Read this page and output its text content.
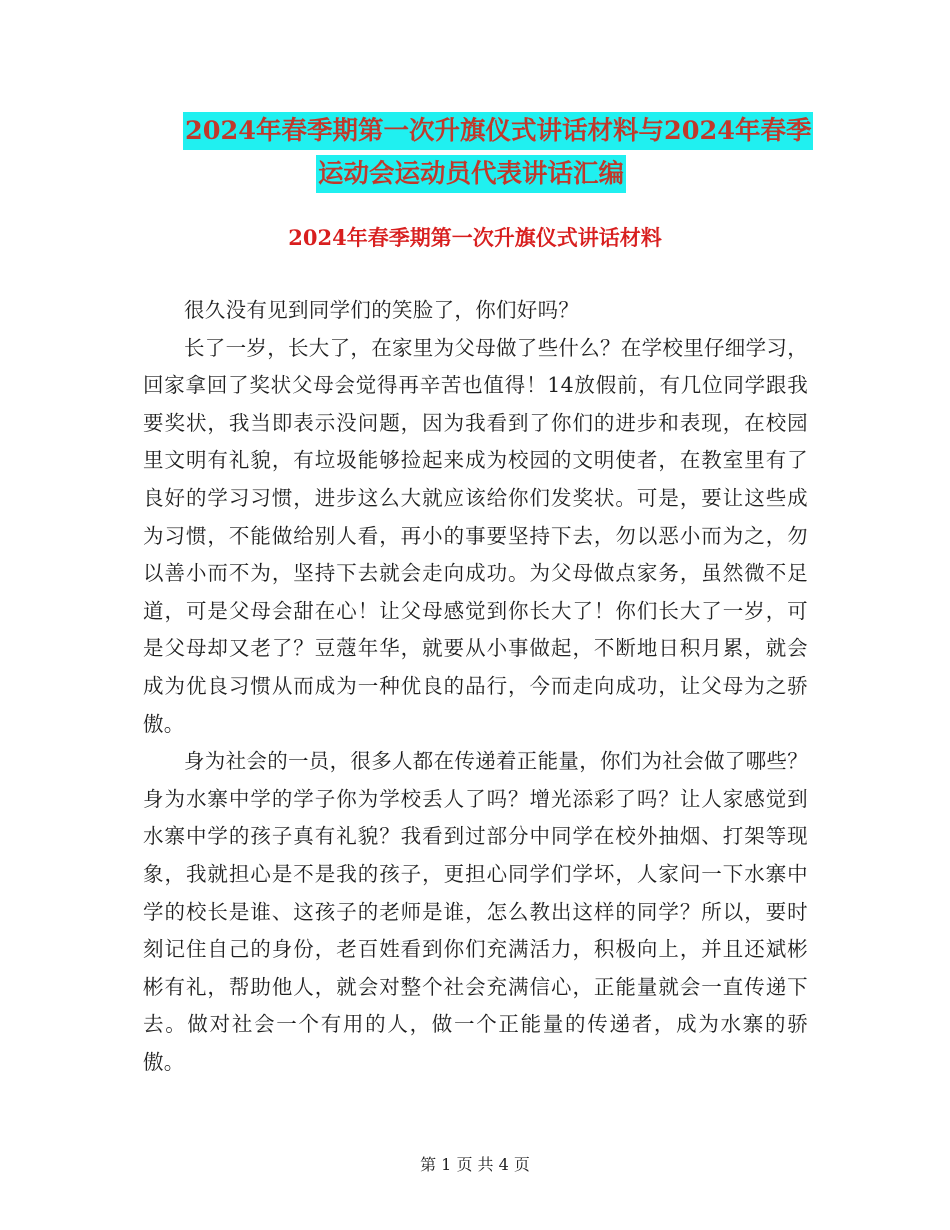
2024年春季期第一次升旗仪式讲话材料与2024年春季
运动会运动员代表讲话汇编
2024年春季期第一次升旗仪式讲话材料

很久没有见到同学们的笑脸了，你们好吗？

长了一岁，长大了，在家里为父母做了些什么？在学校里仔细学习，回家拿回了奖状父母会觉得再辛苦也值得！14放假前，有几位同学跟我要奖状，我当即表示没问题，因为我看到了你们的进步和表现，在校园里文明有礼貌，有垃圾能够捡起来成为校园的文明使者，在教室里有了良好的学习习惯，进步这么大就应该给你们发奖状。可是，要让这些成为习惯，不能做给别人看，再小的事要坚持下去，勿以恶小而为之，勿以善小而不为，坚持下去就会走向成功。为父母做点家务，虽然微不足道，可是父母会甜在心！让父母感觉到你长大了！你们长大了一岁，可是父母却又老了？豆蔻年华，就要从小事做起，不断地日积月累，就会成为优良习惯从而成为一种优良的品行，今而走向成功，让父母为之骄傲。

身为社会的一员，很多人都在传递着正能量，你们为社会做了哪些？身为水寨中学的学子你为学校丢人了吗？增光添彩了吗？让人家感觉到水寨中学的孩子真有礼貌？我看到过部分中同学在校外抽烟、打架等现象，我就担心是不是我的孩子，更担心同学们学坏，人家问一下水寨中学的校长是谁、这孩子的老师是谁，怎么教出这样的同学？所以，要时刻记住自己的身份，老百姓看到你们充满活力，积极向上，并且还斌彬彬有礼，帮助他人，就会对整个社会充满信心，正能量就会一直传递下去。做对社会一个有用的人，做一个正能量的传递者，成为水寨的骄傲。

第 1 页 共 4 页
